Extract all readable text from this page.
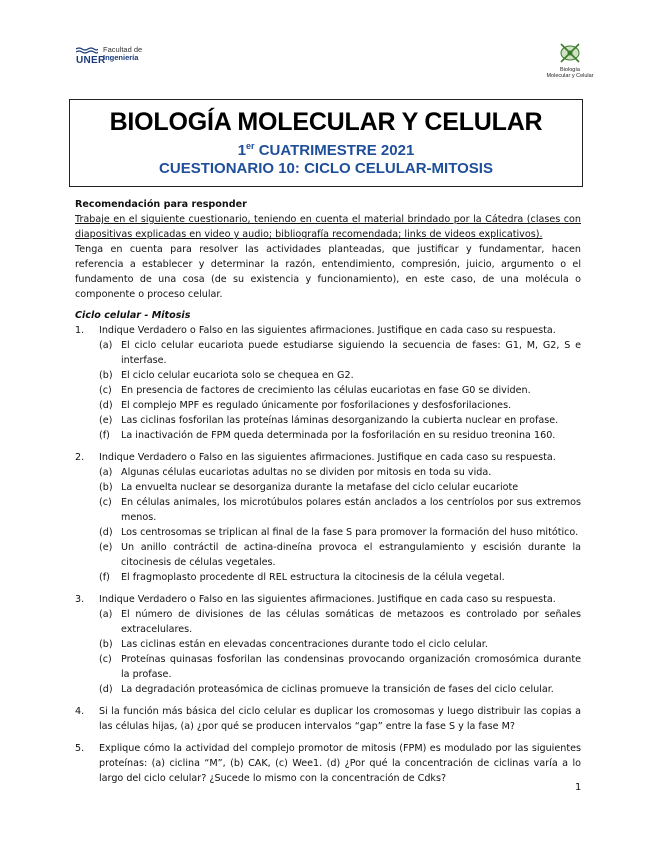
UNER
Facultad de
Ingeniería
Biología
Molecular y Celular
BIOLOGÍA MOLECULAR Y CELULAR
1er CUATRIMESTRE 2021
CUESTIONARIO 10: CICLO CELULAR-MITOSIS

Recomendación para responder

Trabaje en el siguiente cuestionario, teniendo en cuenta el material brindado por la Cátedra (clases con diapositivas explicadas en video y audio; bibliografía recomendada; links de videos explicativos).

Tenga en cuenta para resolver las actividades planteadas, que justificar y fundamentar, hacen referencia a establecer y determinar la razón, entendimiento, compresión, juicio, argumento o el fundamento de una cosa (de su existencia y funcionamiento), en este caso, de una molécula o componente o proceso celular.

Ciclo celular - Mitosis

1. Indique Verdadero o Falso en las siguientes afirmaciones. Justifique en cada caso su respuesta.
(a) El ciclo celular eucariota puede estudiarse siguiendo la secuencia de fases: G1, M, G2, S e interfase.
(b) El ciclo celular eucariota solo se chequea en G2.
(c) En presencia de factores de crecimiento las células eucariotas en fase G0 se dividen.
(d) El complejo MPF es regulado únicamente por fosforilaciones y desfosforilaciones.
(e) Las ciclinas fosforilan las proteínas láminas desorganizando la cubierta nuclear en profase.
(f) La inactivación de FPM queda determinada por la fosforilación en su residuo treonina 160.
2. Indique Verdadero o Falso en las siguientes afirmaciones. Justifique en cada caso su respuesta.
(a) Algunas células eucariotas adultas no se dividen por mitosis en toda su vida.
(b) La envuelta nuclear se desorganiza durante la metafase del ciclo celular eucariote
(c) En células animales, los microtúbulos polares están anclados a los centríolos por sus extremos menos.
(d) Los centrosomas se triplican al final de la fase S para promover la formación del huso mitótico.
(e) Un anillo contráctil de actina-dineína provoca el estrangulamiento y escisión durante la citocinesis de células vegetales.
(f) El fragmoplasto procedente dl REL estructura la citocinesis de la célula vegetal.
3. Indique Verdadero o Falso en las siguientes afirmaciones. Justifique en cada caso su respuesta.
(a) El número de divisiones de las células somáticas de metazoos es controlado por señales extracelulares.
(b) Las ciclinas están en elevadas concentraciones durante todo el ciclo celular.
(c) Proteínas quinasas fosforilan las condensinas provocando organización cromosómica durante la profase.
(d) La degradación proteasómica de ciclinas promueve la transición de fases del ciclo celular.
4. Si la función más básica del ciclo celular es duplicar los cromosomas y luego distribuir las copias a las células hijas, (a) ¿por qué se producen intervalos “gap” entre la fase S y la fase M?
5. Explique cómo la actividad del complejo promotor de mitosis (FPM) es modulado por las siguientes proteínas: (a) ciclina “M”, (b) CAK, (c) Wee1. (d) ¿Por qué la concentración de ciclinas varía a lo largo del ciclo celular? ¿Sucede lo mismo con la concentración de Cdks?
1
